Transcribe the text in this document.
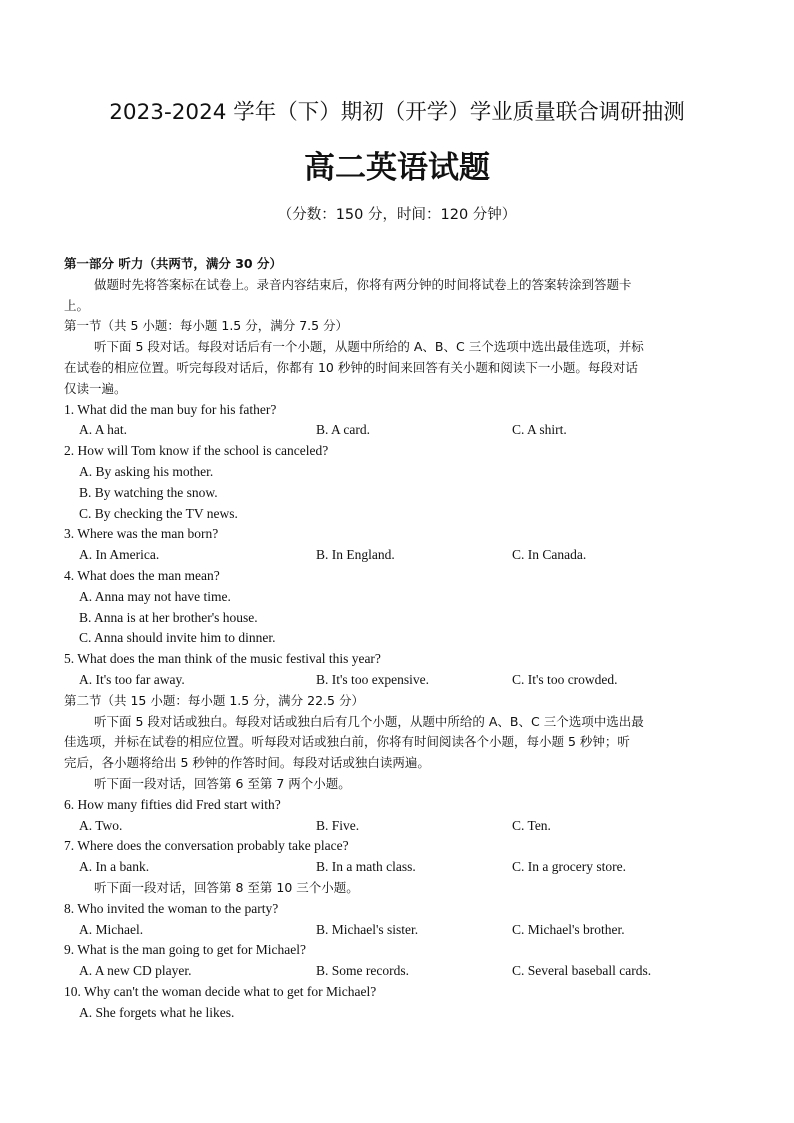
2023-2024 学年（下）期初（开学）学业质量联合调研抽测
高二英语试题
（分数：150 分，时间：120 分钟）
第一部分 听力（共两节，满分 30 分）
做题时先将答案标在试卷上。录音内容结束后，你将有两分钟的时间将试卷上的答案转涂到答题卡
上。
第一节（共 5 小题：每小题 1.5 分，满分 7.5 分）
听下面 5 段对话。每段对话后有一个小题，从题中所给的 A、B、C 三个选项中选出最佳选项，并标
在试卷的相应位置。听完每段对话后，你都有 10 秒钟的时间来回答有关小题和阅读下一小题。每段对话
仅读一遍。
1. What did the man buy for his father?
A. A hat.	B. A card.	C. A shirt.
2. How will Tom know if the school is canceled?
A. By asking his mother.
B. By watching the snow.
C. By checking the TV news.
3. Where was the man born?
A. In America.	B. In England.	C. In Canada.
4. What does the man mean?
A. Anna may not have time.
B. Anna is at her brother's house.
C. Anna should invite him to dinner.
5. What does the man think of the music festival this year?
A. It's too far away.	B. It's too expensive.	C. It's too crowded.
第二节（共 15 小题：每小题 1.5 分，满分 22.5 分）
听下面 5 段对话或独白。每段对话或独白后有几个小题，从题中所给的 A、B、C 三个选项中选出最
佳选项，并标在试卷的相应位置。听每段对话或独白前，你将有时间阅读各个小题，每小题 5 秒钟；听
完后，各小题将给出 5 秒钟的作答时间。每段对话或独白读两遍。
听下面一段对话，回答第 6 至第 7 两个小题。
6. How many fifties did Fred start with?
A. Two.	B. Five.	C. Ten.
7. Where does the conversation probably take place?
A. In a bank.	B. In a math class.	C. In a grocery store.
听下面一段对话，回答第 8 至第 10 三个小题。
8. Who invited the woman to the party?
A. Michael.	B. Michael's sister.	C. Michael's brother.
9. What is the man going to get for Michael?
A. A new CD player.	B. Some records.	C. Several baseball cards.
10. Why can't the woman decide what to get for Michael?
A. She forgets what he likes.
